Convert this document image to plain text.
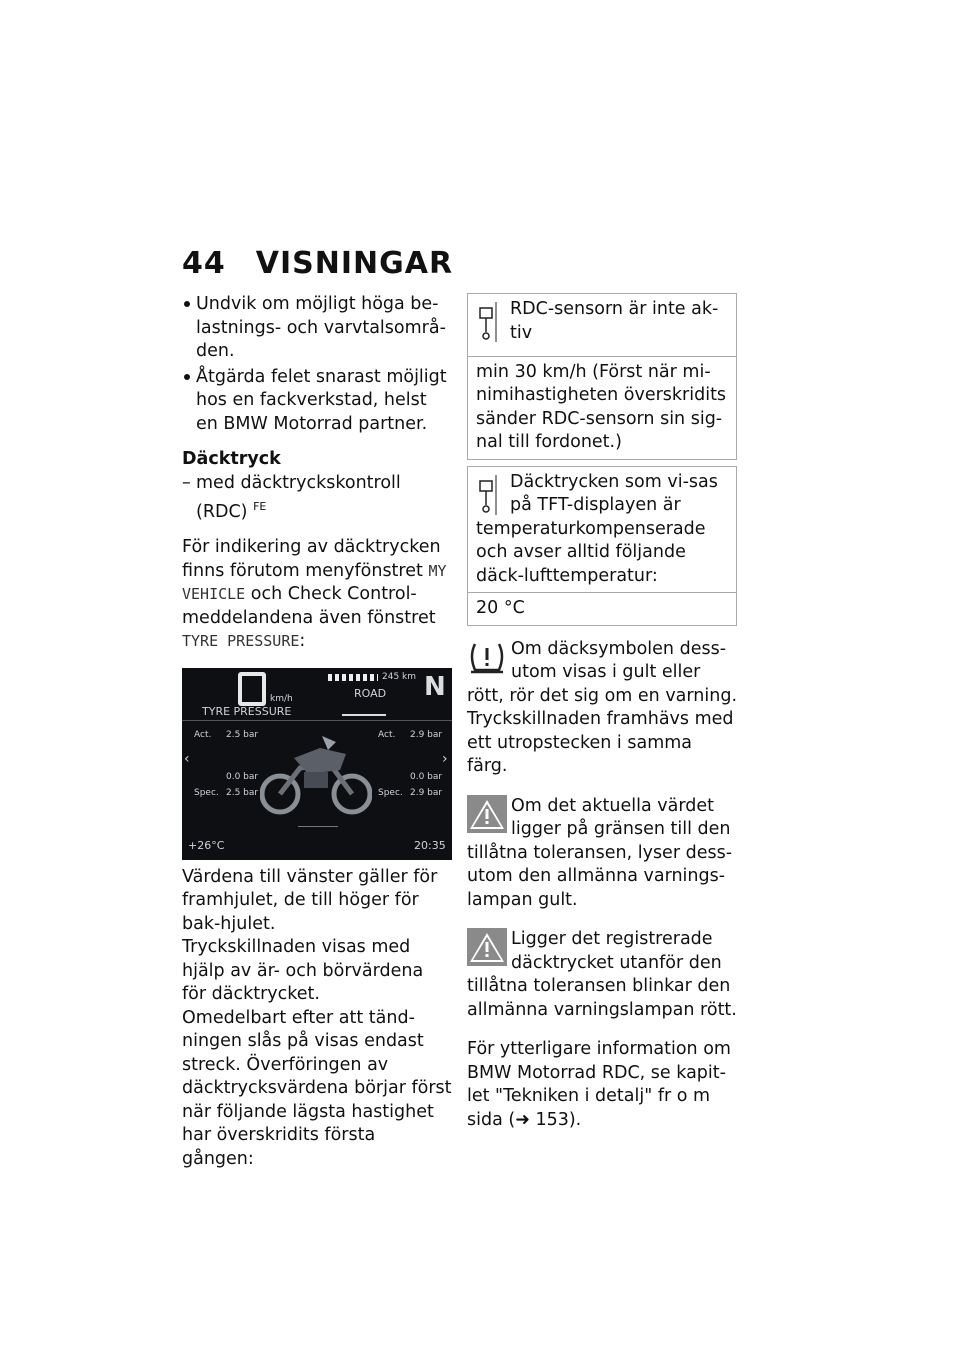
44 VISNINGAR
Undvik om möjligt höga be-lastnings- och varvtalsområ-den.
Åtgärda felet snarast möjligt hos en fackverkstad, helst en BMW Motorrad partner.
Däcktryck
– med däcktryckskontroll (RDC) $^{FE}$

För indikering av däcktrycken finns förutom menyfönstret MY VEHICLE och Check Control-meddelandena även fönstret TYRE PRESSURE:

km/h
245 km
ROAD N
TYRE PRESSURE
Act. 2.5 bar	Act. 2.9 bar
‹	›
0.0 bar	0.0 bar
Spec. 2.5 bar	Spec. 2.9 bar
+26°C	20:35

Värdena till vänster gäller för framhjulet, de till höger för bak-hjulet.

Tryckskillnaden visas med hjälp av är- och börvärdena för däcktrycket.

Omedelbart efter att tänd-ningen slås på visas endast streck. Överföringen av däcktrycksvärdena börjar först när följande lägsta hastighet har överskridits första gången:

RDC-sensorn är inte ak-tiv
min 30 km/h (Först när mi-nimihastigheten överskridits sänder RDC-sensorn sin sig-nal till fordonet.)
Däcktrycken som vi-sas på TFT-displayen är temperaturkompenserade och avser alltid följande däck-lufttemperatur:
20 °C

Om däcksymbolen dess-utom visas i gult eller rött, rör det sig om en varning. Tryckskillnaden framhävs med ett utropstecken i samma färg.

Om det aktuella värdet ligger på gränsen till den tillåtna toleransen, lyser dess-utom den allmänna varnings-lampan gult.

Ligger det registrerade däcktrycket utanför den tillåtna toleransen blinkar den allmänna varningslampan rött.

För ytterligare information om BMW Motorrad RDC, se kapit-let "Tekniken i detalj" fr o m sida (➜ 153).
